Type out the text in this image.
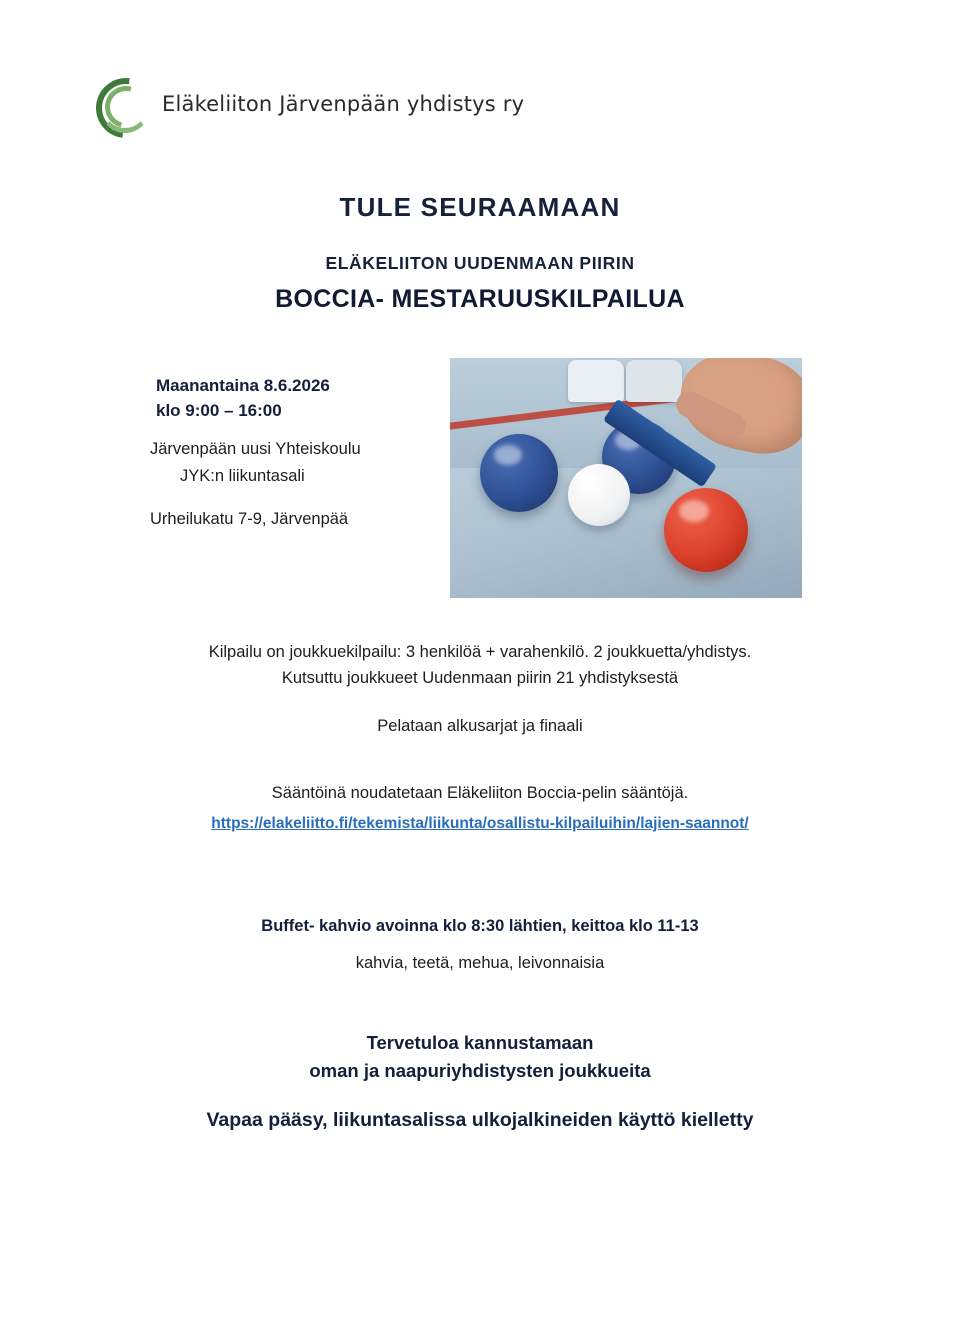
Eläkeliiton Järvenpään yhdistys ry
TULE SEURAAMAAN
ELÄKELIITON UUDENMAAN PIIRIN
BOCCIA- MESTARUUSKILPAILUA
Maanantaina 8.6.2026
klo 9:00 – 16:00
Järvenpään uusi Yhteiskoulu
JYK:n liikuntasali
Urheilukatu 7-9, Järvenpää
Kilpailu on joukkuekilpailu: 3 henkilöä + varahenkilö. 2 joukkuetta/yhdistys.
Kutsuttu joukkueet Uudenmaan piirin 21 yhdistyksestä
Pelataan alkusarjat ja finaali
Sääntöinä noudatetaan Eläkeliiton Boccia-pelin sääntöjä.
https://elakeliitto.fi/tekemista/liikunta/osallistu-kilpailuihin/lajien-saannot/
Buffet- kahvio avoinna klo 8:30 lähtien, keittoa klo 11-13
kahvia, teetä, mehua, leivonnaisia
Tervetuloa kannustamaan
oman ja naapuriyhdistysten joukkueita
Vapaa pääsy, liikuntasalissa ulkojalkineiden käyttö kielletty
